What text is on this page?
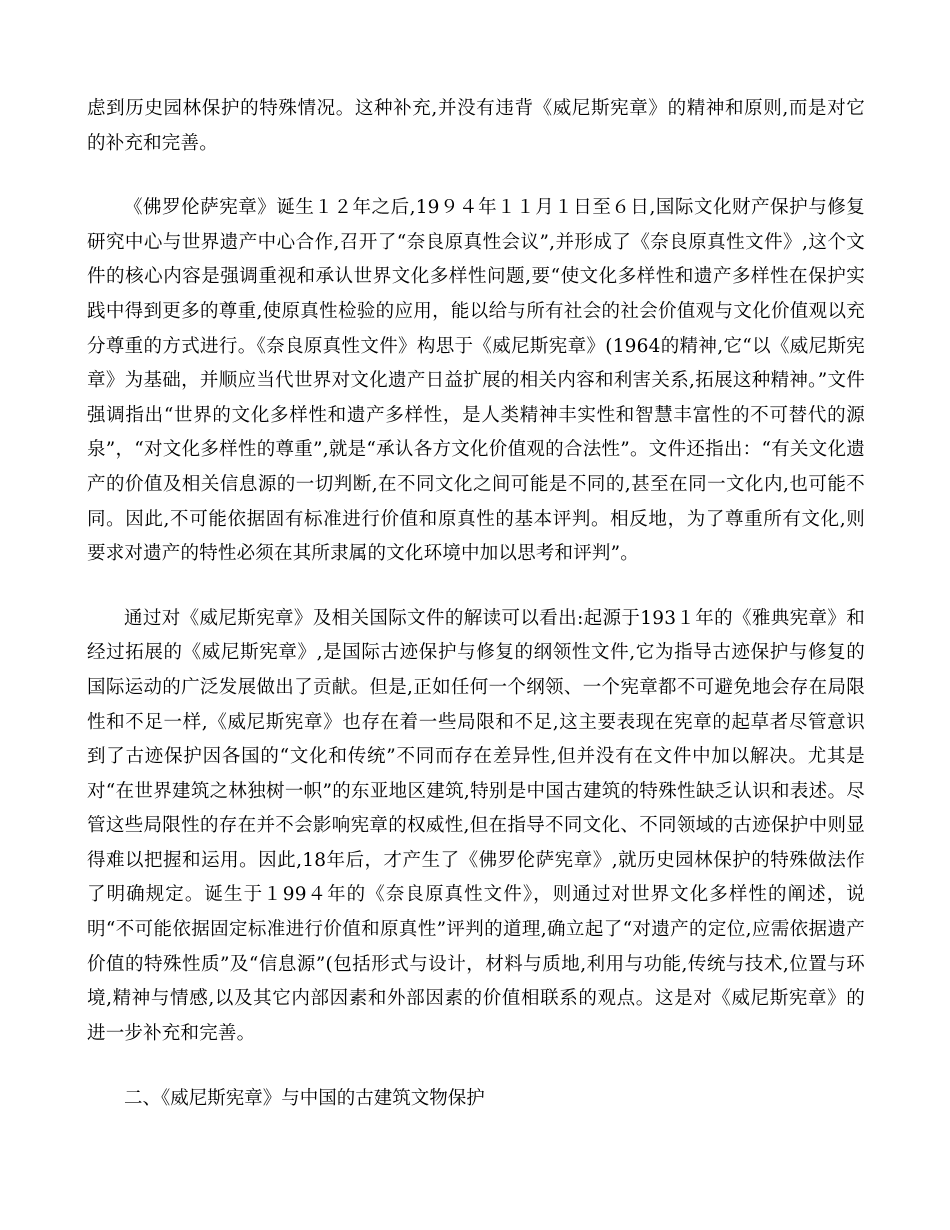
虑到历史园林保护的特殊情况。这种补充,并没有违背《威尼斯宪章》的精神和原则,而是对它的补充和完善。

《佛罗伦萨宪章》诞生１２年之后,19９４年１１月１日至６日,国际文化财产保护与修复研究中心与世界遗产中心合作,召开了“奈良原真性会议”,并形成了《奈良原真性文件》,这个文件的核心内容是强调重视和承认世界文化多样性问题,要“使文化多样性和遗产多样性在保护实践中得到更多的尊重,使原真性检验的应用，能以给与所有社会的社会价值观与文化价值观以充分尊重的方式进行。《奈良原真性文件》构思于《威尼斯宪章》(1964的精神,它“以《威尼斯宪章》为基础，并顺应当代世界对文化遗产日益扩展的相关内容和利害关系,拓展这种精神。”文件强调指出“世界的文化多样性和遗产多样性，是人类精神丰实性和智慧丰富性的不可替代的源泉”，“对文化多样性的尊重”,就是“承认各方文化价值观的合法性”。文件还指出：“有关文化遗产的价值及相关信息源的一切判断,在不同文化之间可能是不同的,甚至在同一文化内,也可能不同。因此,不可能依据固有标准进行价值和原真性的基本评判。相反地，为了尊重所有文化,则要求对遗产的特性必须在其所隶属的文化环境中加以思考和评判”。

通过对《威尼斯宪章》及相关国际文件的解读可以看出:起源于193１年的《雅典宪章》和经过拓展的《威尼斯宪章》,是国际古迹保护与修复的纲领性文件,它为指导古迹保护与修复的国际运动的广泛发展做出了贡献。但是,正如任何一个纲领、一个宪章都不可避免地会存在局限性和不足一样,《威尼斯宪章》也存在着一些局限和不足,这主要表现在宪章的起草者尽管意识到了古迹保护因各国的“文化和传统”不同而存在差异性,但并没有在文件中加以解决。尤其是对“在世界建筑之林独树一帜”的东亚地区建筑,特别是中国古建筑的特殊性缺乏认识和表述。尽管这些局限性的存在并不会影响宪章的权威性,但在指导不同文化、不同领域的古迹保护中则显得难以把握和运用。因此,18年后，才产生了《佛罗伦萨宪章》,就历史园林保护的特殊做法作了明确规定。诞生于１99４年的《奈良原真性文件》，则通过对世界文化多样性的阐述，说明“不可能依据固定标准进行价值和原真性”评判的道理,确立起了“对遗产的定位,应需依据遗产价值的特殊性质”及“信息源”(包括形式与设计，材料与质地,利用与功能,传统与技术,位置与环境,精神与情感,以及其它内部因素和外部因素的价值相联系的观点。这是对《威尼斯宪章》的进一步补充和完善。

二、《威尼斯宪章》与中国的古建筑文物保护
